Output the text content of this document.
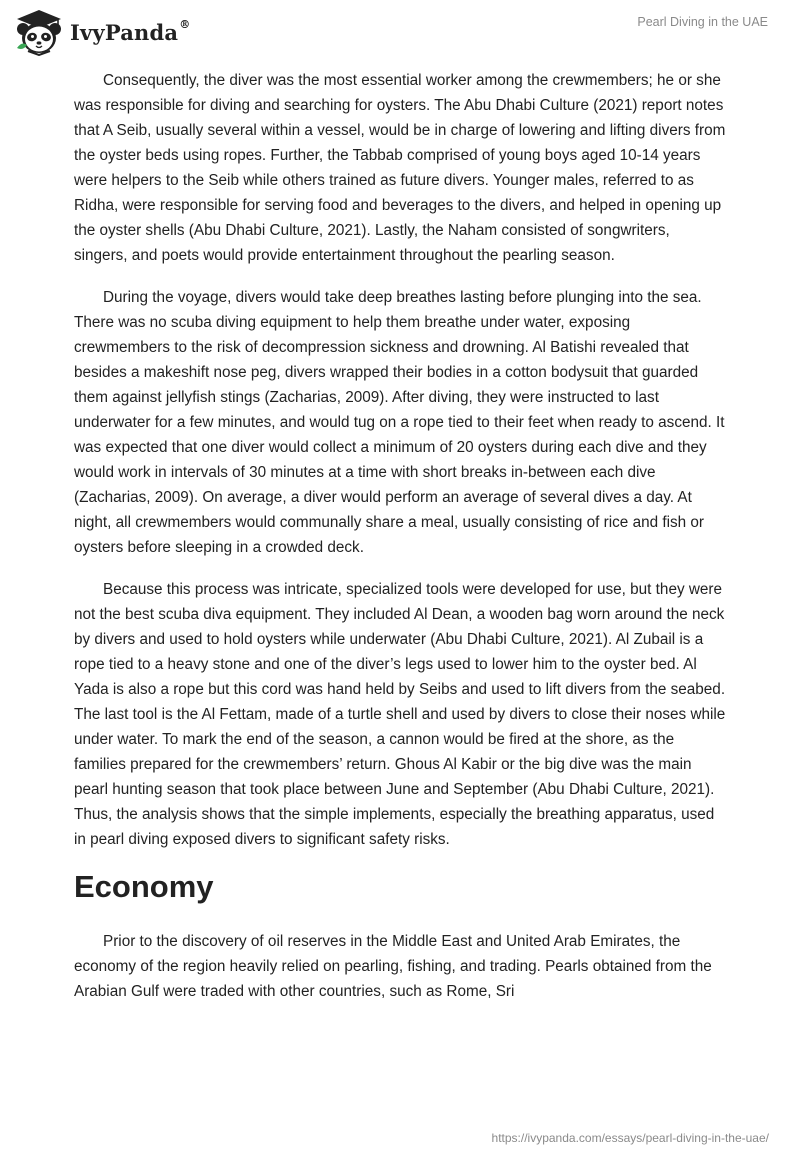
IvyPanda®	Pearl Diving in the UAE

Consequently, the diver was the most essential worker among the crewmembers; he or she was responsible for diving and searching for oysters. The Abu Dhabi Culture (2021) report notes that A Seib, usually several within a vessel, would be in charge of lowering and lifting divers from the oyster beds using ropes. Further, the Tabbab comprised of young boys aged 10-14 years were helpers to the Seib while others trained as future divers. Younger males, referred to as Ridha, were responsible for serving food and beverages to the divers, and helped in opening up the oyster shells (Abu Dhabi Culture, 2021). Lastly, the Naham consisted of songwriters, singers, and poets would provide entertainment throughout the pearling season.

During the voyage, divers would take deep breathes lasting before plunging into the sea. There was no scuba diving equipment to help them breathe under water, exposing crewmembers to the risk of decompression sickness and drowning. Al Batishi revealed that besides a makeshift nose peg, divers wrapped their bodies in a cotton bodysuit that guarded them against jellyfish stings (Zacharias, 2009). After diving, they were instructed to last underwater for a few minutes, and would tug on a rope tied to their feet when ready to ascend. It was expected that one diver would collect a minimum of 20 oysters during each dive and they would work in intervals of 30 minutes at a time with short breaks in-between each dive (Zacharias, 2009). On average, a diver would perform an average of several dives a day. At night, all crewmembers would communally share a meal, usually consisting of rice and fish or oysters before sleeping in a crowded deck.

Because this process was intricate, specialized tools were developed for use, but they were not the best scuba diva equipment. They included Al Dean, a wooden bag worn around the neck by divers and used to hold oysters while underwater (Abu Dhabi Culture, 2021). Al Zubail is a rope tied to a heavy stone and one of the diver’s legs used to lower him to the oyster bed. Al Yada is also a rope but this cord was hand held by Seibs and used to lift divers from the seabed. The last tool is the Al Fettam, made of a turtle shell and used by divers to close their noses while under water. To mark the end of the season, a cannon would be fired at the shore, as the families prepared for the crewmembers’ return. Ghous Al Kabir or the big dive was the main pearl hunting season that took place between June and September (Abu Dhabi Culture, 2021). Thus, the analysis shows that the simple implements, especially the breathing apparatus, used in pearl diving exposed divers to significant safety risks.

Economy

Prior to the discovery of oil reserves in the Middle East and United Arab Emirates, the economy of the region heavily relied on pearling, fishing, and trading. Pearls obtained from the Arabian Gulf were traded with other countries, such as Rome, Sri

https://ivypanda.com/essays/pearl-diving-in-the-uae/
